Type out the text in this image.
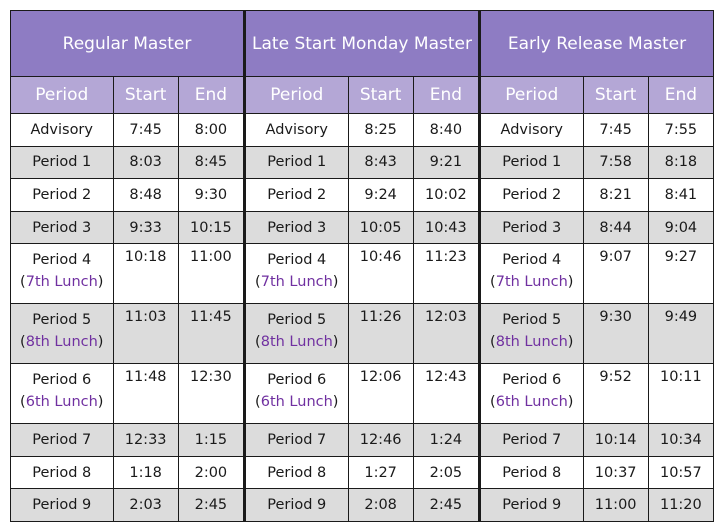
Regular Master		
Period	Start	End
Advisory	7:45	8:00
Period 1	8:03	8:45
Period 2	8:48	9:30
Period 3	9:33	10:15

Period 4
(7th Lunch)	10:18	11:00

Period 5
(8th Lunch)	11:03	11:45

Period 6
(6th Lunch)	11:48	12:30
Period 7	12:33	1:15
Period 8	1:18	2:00
Period 9	2:03	2:45
Late Start Monday Master		
Period	Start	End
Advisory	8:25	8:40
Period 1	8:43	9:21
Period 2	9:24	10:02
Period 3	10:05	10:43

Period 4
(7th Lunch)	10:46	11:23

Period 5
(8th Lunch)	11:26	12:03

Period 6
(6th Lunch)	12:06	12:43
Period 7	12:46	1:24
Period 8	1:27	2:05
Period 9	2:08	2:45
Early Release Master		
Period	Start	End
Advisory	7:45	7:55
Period 1	7:58	8:18
Period 2	8:21	8:41
Period 3	8:44	9:04

Period 4
(7th Lunch)	9:07	9:27

Period 5
(8th Lunch)	9:30	9:49

Period 6
(6th Lunch)	9:52	10:11
Period 7	10:14	10:34
Period 8	10:37	10:57
Period 9	11:00	11:20
